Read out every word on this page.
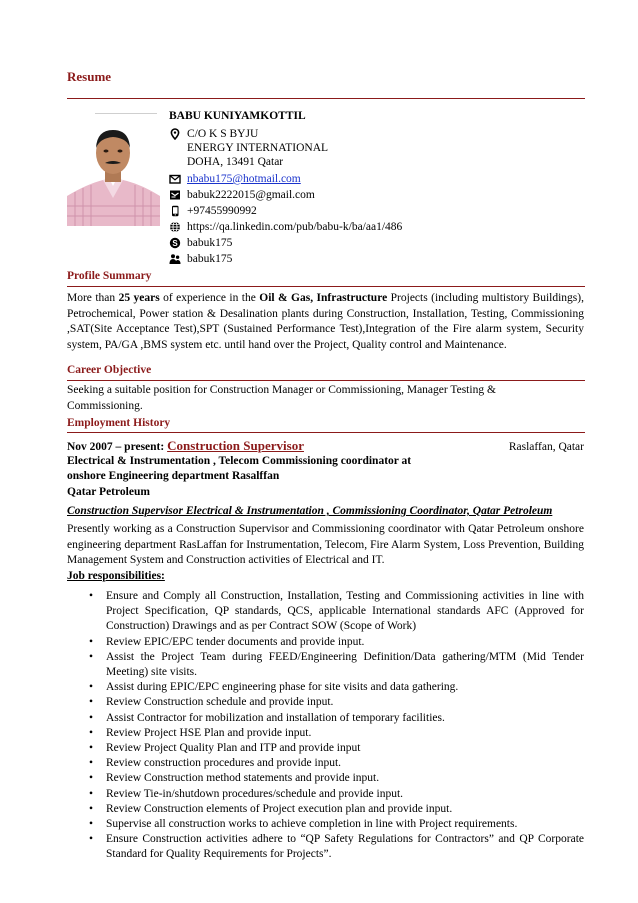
Resume
BABU KUNIYAMKOTTIL
C/O K S BYJU
ENERGY INTERNATIONAL
DOHA, 13491 Qatar
nbabu175@hotmail.com
babuk2222015@gmail.com
+97455990992
https://qa.linkedin.com/pub/babu-k/ba/aa1/486
S babuk175
babuk175
Profile Summary
More than 25 years of experience in the Oil & Gas, Infrastructure Projects (including multistory Buildings), Petrochemical, Power station & Desalination plants during Construction, Installation, Testing, Commissioning ,SAT(Site Acceptance Test),SPT (Sustained Performance Test),Integration of the Fire alarm system, Security system, PA/GA ,BMS system etc. until hand over the Project, Quality control and Maintenance.
Career Objective
Seeking a suitable position for Construction Manager or Commissioning, Manager Testing & Commissioning.
Employment History
Nov 2007 – present: Construction Supervisor	Raslaffan, Qatar
Electrical & Instrumentation , Telecom Commissioning coordinator at
onshore Engineering department Rasalffan
Qatar Petroleum
Construction Supervisor Electrical & Instrumentation , Commissioning Coordinator, Qatar Petroleum
Presently working as a Construction Supervisor and Commissioning coordinator with Qatar Petroleum onshore engineering department RasLaffan for Instrumentation, Telecom, Fire Alarm System, Loss Prevention, Building Management System and Construction activities of Electrical and IT.
Job responsibilities:
• Ensure and Comply all Construction, Installation, Testing and Commissioning activities in line with Project Specification, QP standards, QCS, applicable International standards AFC (Approved for Construction) Drawings and as per Contract SOW (Scope of Work)
• Review EPIC/EPC tender documents and provide input.
• Assist the Project Team during FEED/Engineering Definition/Data gathering/MTM (Mid Tender Meeting) site visits.
• Assist during EPIC/EPC engineering phase for site visits and data gathering.
• Review Construction schedule and provide input.
• Assist Contractor for mobilization and installation of temporary facilities.
• Review Project HSE Plan and provide input.
• Review Project Quality Plan and ITP and provide input
• Review construction procedures and provide input.
• Review Construction method statements and provide input.
• Review Tie-in/shutdown procedures/schedule and provide input.
• Review Construction elements of Project execution plan and provide input.
• Supervise all construction works to achieve completion in line with Project requirements.
• Ensure Construction activities adhere to “QP Safety Regulations for Contractors” and QP Corporate Standard for Quality Requirements for Projects”.
